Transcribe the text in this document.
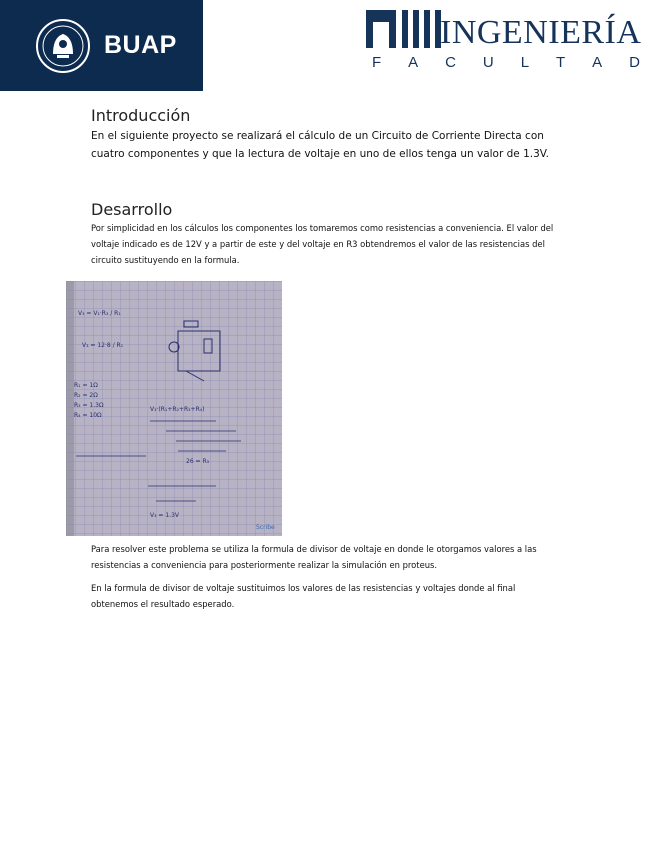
BUAP	INGENIERÍA
F A C U L T A D
Introducción

En el siguiente proyecto se realizará el cálculo de un Circuito de Corriente Directa con cuatro componentes y que la lectura de voltaje en uno de ellos tenga un valor de 1.3V.

Desarrollo

Por simplicidad en los cálculos los componentes los tomaremos como resistencias a conveniencia. El valor del voltaje indicado es de 12V y a partir de este y del voltaje en R3 obtendremos el valor de las resistencias del circuito sustituyendo en la formula.

V₃ = V₁·R₃ / R₁
V₃ = 12·8 / R₁
R₁ = 1Ω
R₂ = 2Ω
R₃ = 1.3Ω
R₄ = 10Ω
V₃·(R₁+R₂+R₃+R₄)
26 = R₃
V₃ = 1.3V
Scribe

Para resolver este problema se utiliza la formula de divisor de voltaje en donde le otorgamos valores a las resistencias a conveniencia para posteriormente realizar la simulación en proteus.

En la formula de divisor de voltaje sustituimos los valores de las resistencias y voltajes donde al final obtenemos el resultado esperado.
